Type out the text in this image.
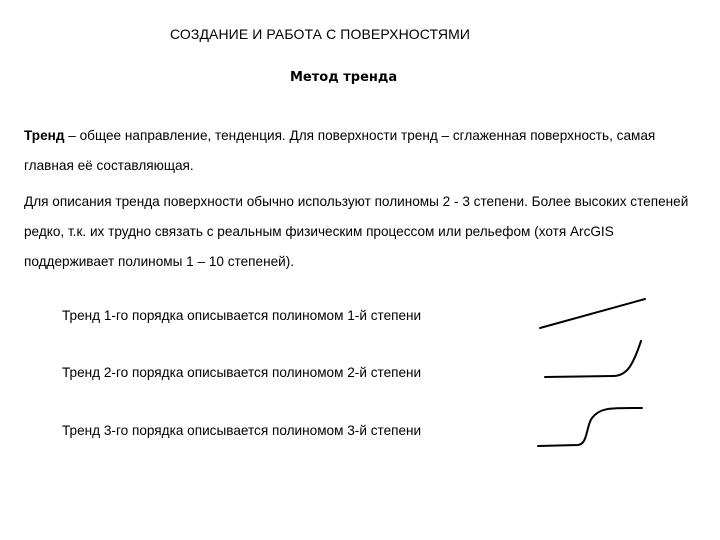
СОЗДАНИЕ И РАБОТА С ПОВЕРХНОСТЯМИ
Метод тренда
Тренд – общее направление, тенденция. Для поверхности тренд – сглаженная поверхность, самая главная её составляющая.
Для описания тренда поверхности обычно используют полиномы 2 - 3 степени. Более высоких степеней редко, т.к. их трудно связать с реальным физическим процессом или рельефом (хотя ArcGIS поддерживает полиномы 1 – 10 степеней).
Тренд 1-го порядка описывается полиномом 1-й степени
Тренд 2-го порядка описывается полиномом 2-й степени
Тренд 3-го порядка описывается полиномом 3-й степени
